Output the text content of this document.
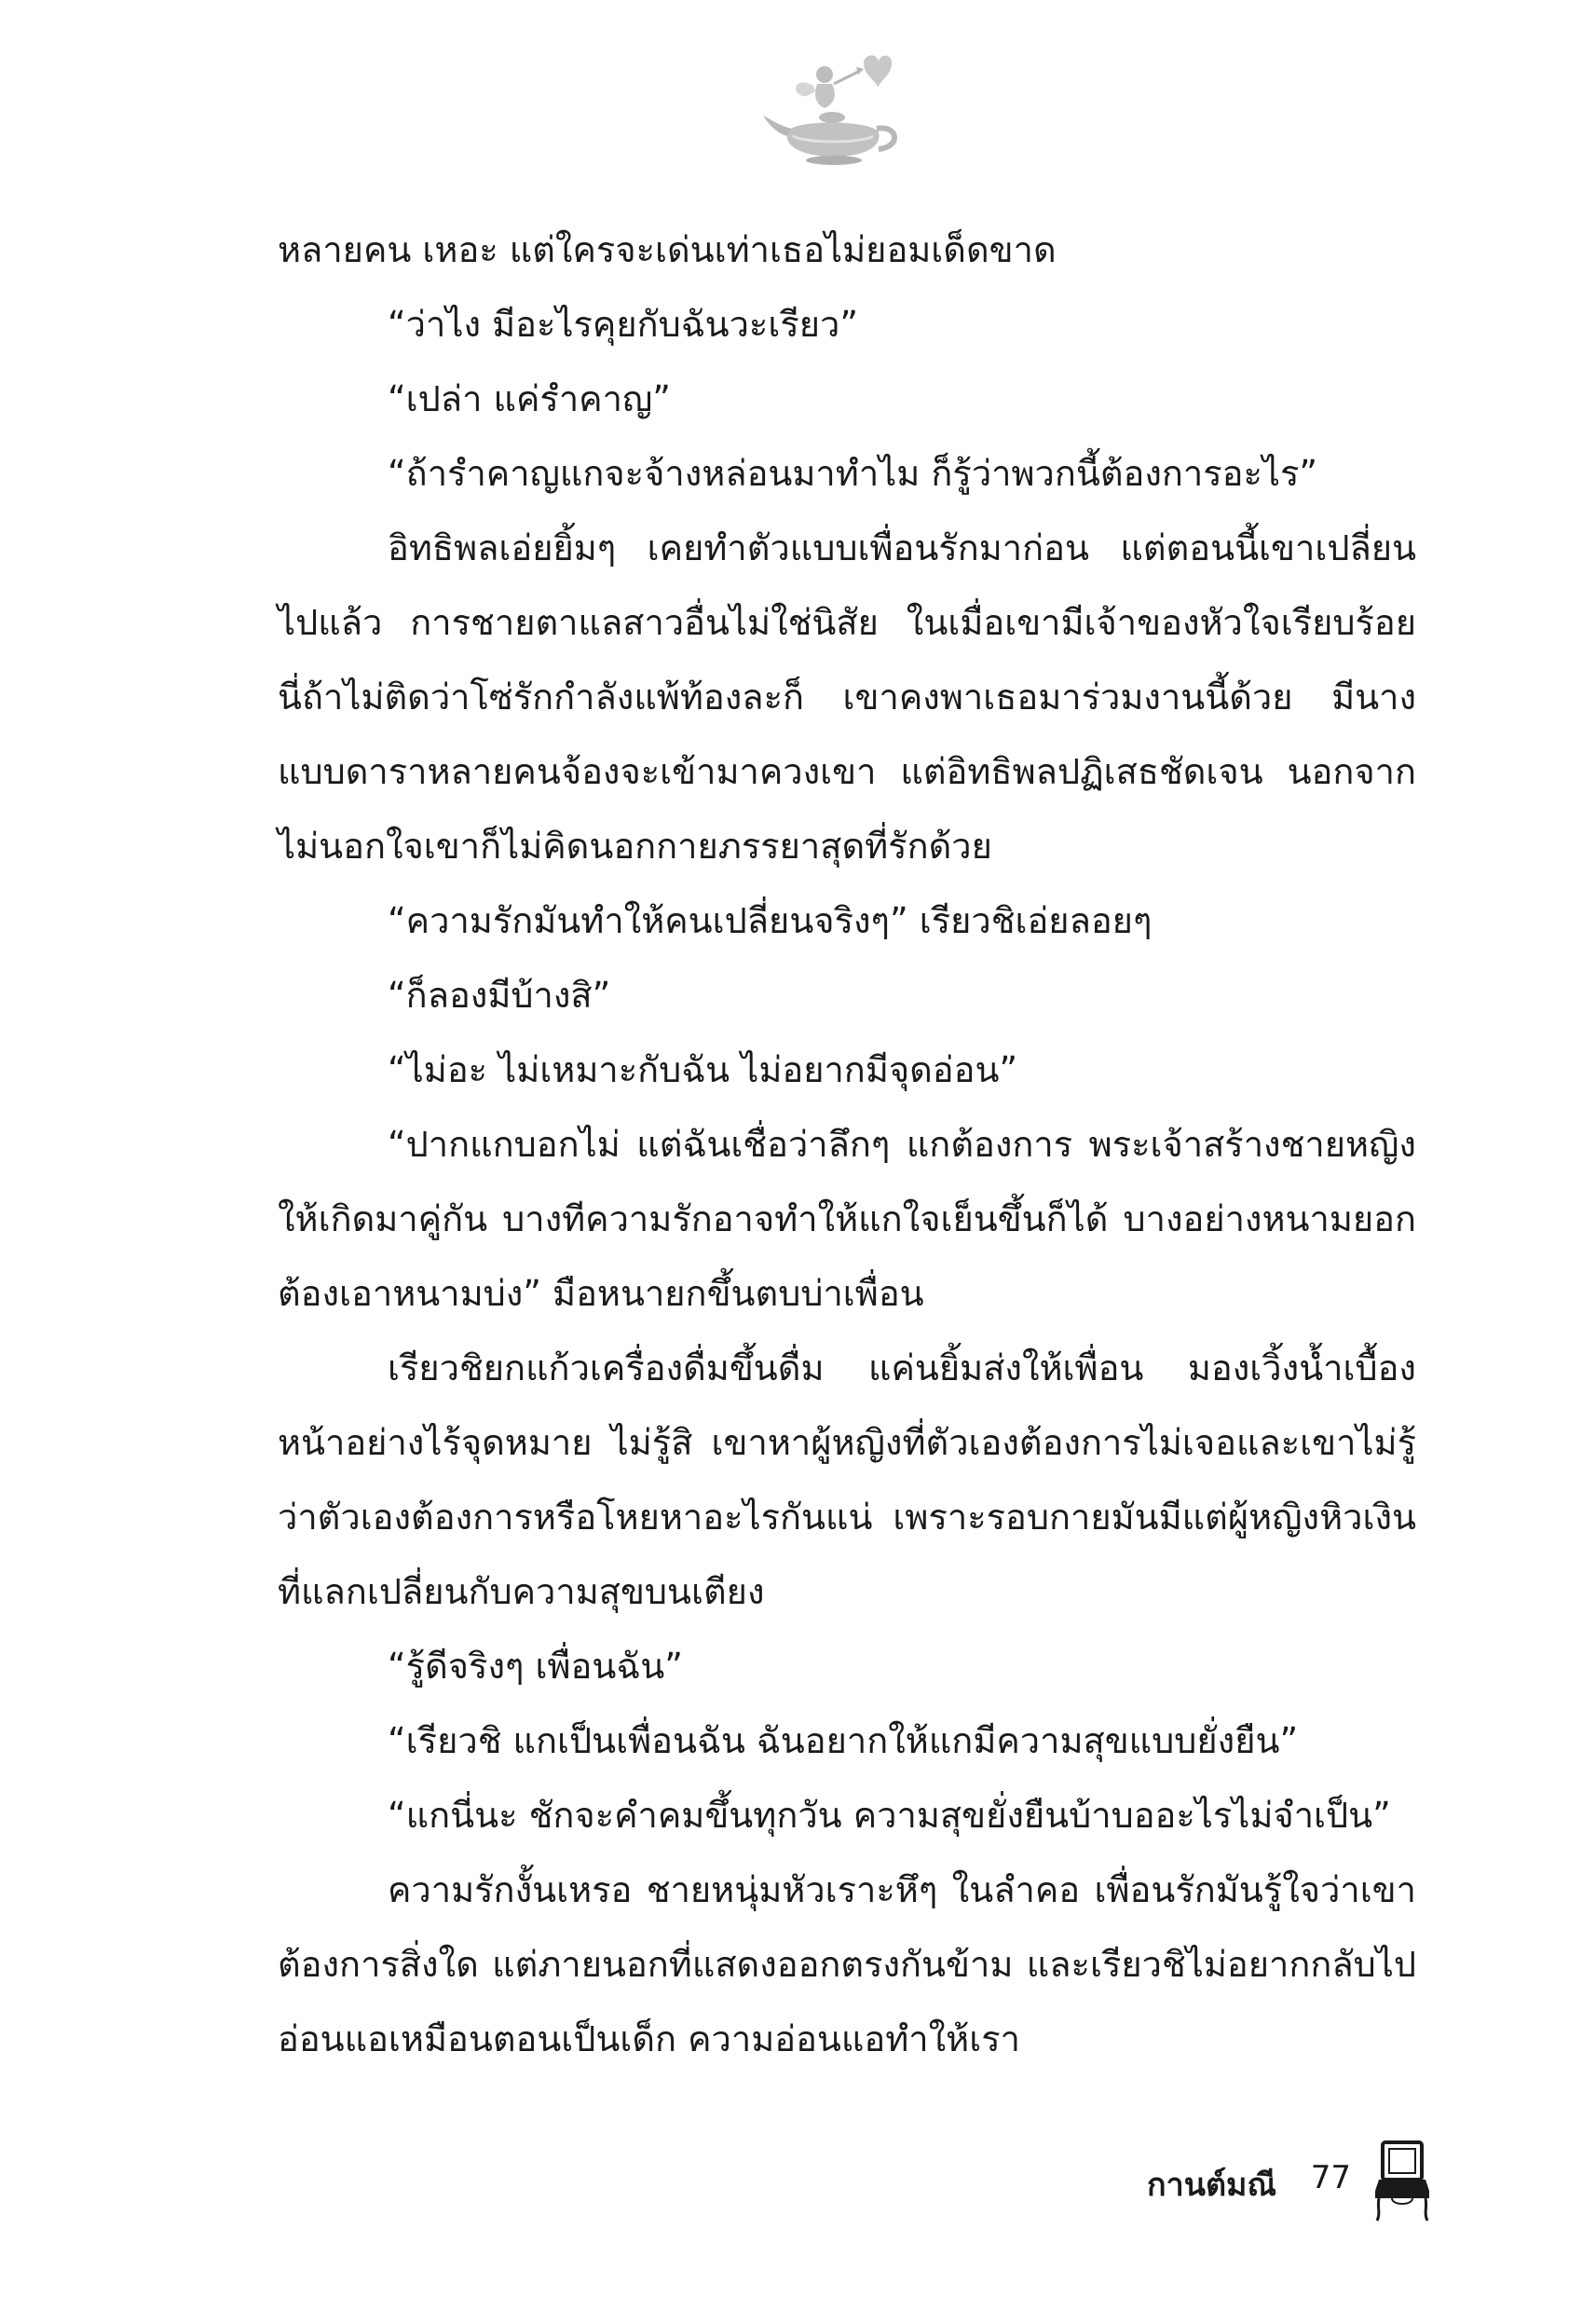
หลายคน เหอะ แต่ใครจะเด่นเท่าเธอไม่ยอมเด็ดขาด

“ว่าไง มีอะไรคุยกับฉันวะเรียว”

“เปล่า แค่รำคาญ”

“ถ้ารำคาญแกจะจ้างหล่อนมาทำไม ก็รู้ว่าพวกนี้ต้องการอะไร”

อิทธิพลเอ่ยยิ้มๆ เคยทำตัวแบบเพื่อนรักมาก่อน แต่ตอนนี้เขาเปลี่ยนไปแล้ว การชายตาแลสาวอื่นไม่ใช่นิสัย ในเมื่อเขามีเจ้าของหัวใจเรียบร้อย นี่ถ้าไม่ติดว่าโซ่รักกำลังแพ้ท้องละก็ เขาคงพาเธอมาร่วมงานนี้ด้วย มีนางแบบดาราหลายคนจ้องจะเข้ามาควงเขา แต่อิทธิพลปฏิเสธชัดเจน นอกจากไม่นอกใจเขาก็ไม่คิดนอกกายภรรยาสุดที่รักด้วย

“ความรักมันทำให้คนเปลี่ยนจริงๆ” เรียวชิเอ่ยลอยๆ

“ก็ลองมีบ้างสิ”

“ไม่อะ ไม่เหมาะกับฉัน ไม่อยากมีจุดอ่อน”

“ปากแกบอกไม่ แต่ฉันเชื่อว่าลึกๆ แกต้องการ พระเจ้าสร้างชายหญิงให้เกิดมาคู่กัน บางทีความรักอาจทำให้แกใจเย็นขึ้นก็ได้ บางอย่างหนามยอกต้องเอาหนามบ่ง” มือหนายกขึ้นตบบ่าเพื่อน

เรียวชิยกแก้วเครื่องดื่มขึ้นดื่ม แค่นยิ้มส่งให้เพื่อน มองเวิ้งน้ำเบื้องหน้าอย่างไร้จุดหมาย ไม่รู้สิ เขาหาผู้หญิงที่ตัวเองต้องการไม่เจอและเขาไม่รู้ว่าตัวเองต้องการหรือโหยหาอะไรกันแน่ เพราะรอบกายมันมีแต่ผู้หญิงหิวเงินที่แลกเปลี่ยนกับความสุขบนเตียง

“รู้ดีจริงๆ เพื่อนฉัน”

“เรียวชิ แกเป็นเพื่อนฉัน ฉันอยากให้แกมีความสุขแบบยั่งยืน”

“แกนี่นะ ชักจะคำคมขึ้นทุกวัน ความสุขยั่งยืนบ้าบออะไรไม่จำเป็น”

ความรักงั้นเหรอ ชายหนุ่มหัวเราะหึๆ ในลำคอ เพื่อนรักมันรู้ใจว่าเขาต้องการสิ่งใด แต่ภายนอกที่แสดงออกตรงกันข้าม และเรียวชิไม่อยากกลับไปอ่อนแอเหมือนตอนเป็นเด็ก ความอ่อนแอทำให้เรา

กานต์มณี 77
